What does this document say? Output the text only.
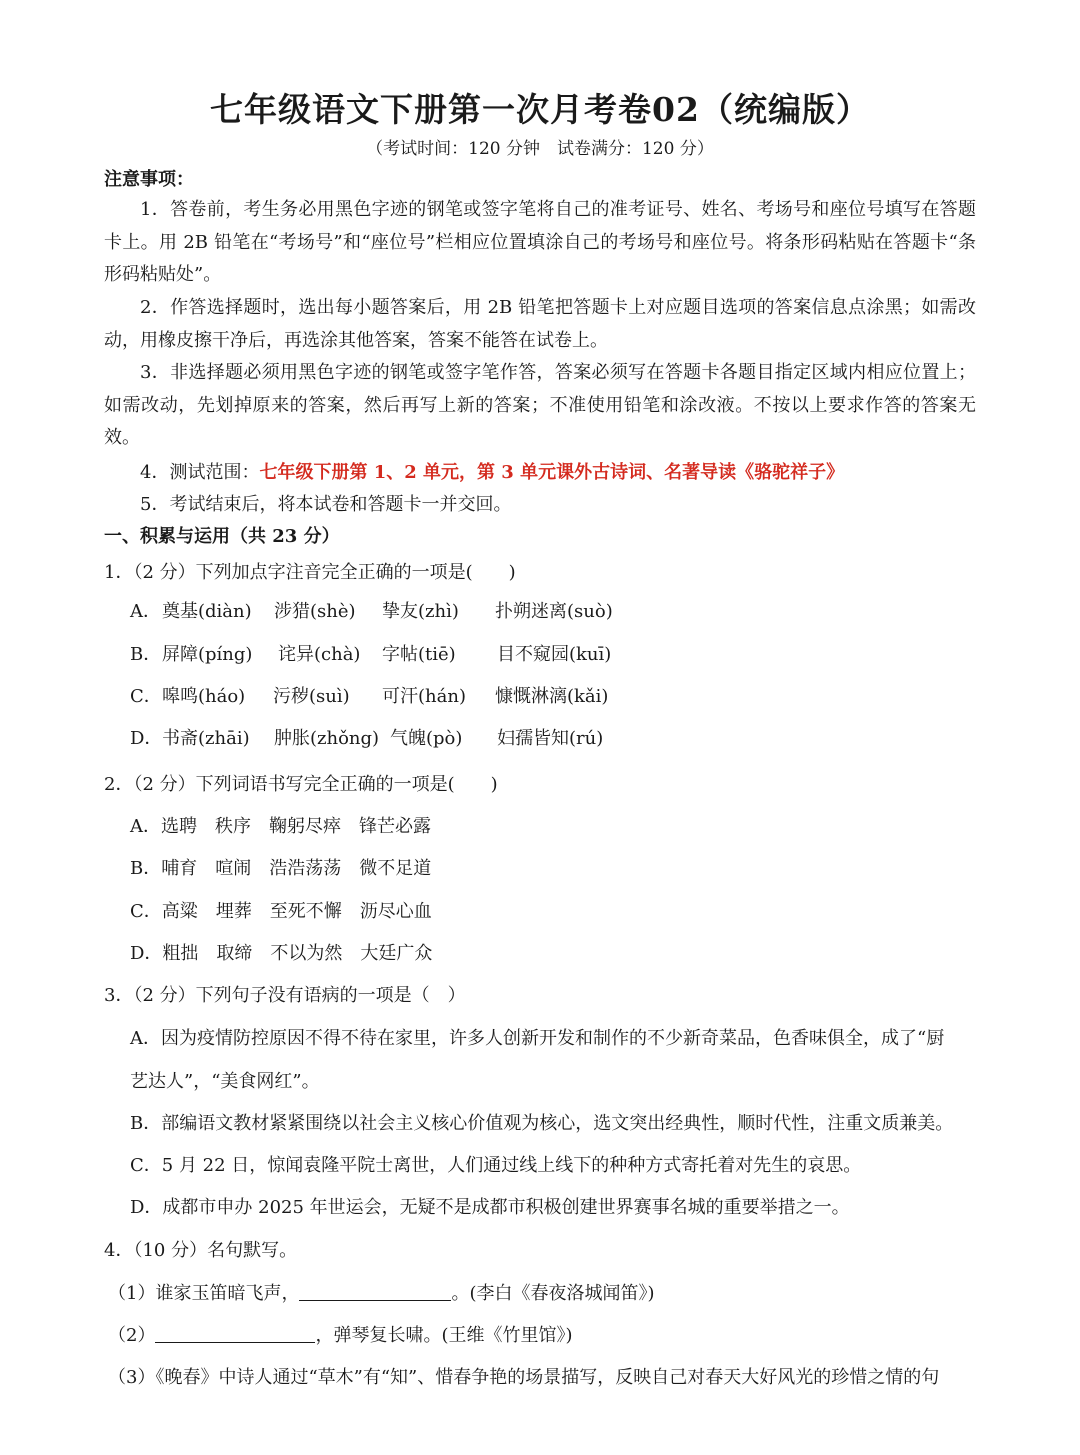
七年级语文下册第一次月考卷02（统编版）
（考试时间：120 分钟　试卷满分：120 分）
注意事项：
1．答卷前，考生务必用黑色字迹的钢笔或签字笔将自己的准考证号、姓名、考场号和座位号填写在答题卡上。用 2B 铅笔在“考场号”和“座位号”栏相应位置填涂自己的考场号和座位号。将条形码粘贴在答题卡“条形码粘贴处”。
2．作答选择题时，选出每小题答案后，用 2B 铅笔把答题卡上对应题目选项的答案信息点涂黑；如需改动，用橡皮擦干净后，再选涂其他答案，答案不能答在试卷上。
3．非选择题必须用黑色字迹的钢笔或签字笔作答，答案必须写在答题卡各题目指定区域内相应位置上；如需改动，先划掉原来的答案，然后再写上新的答案；不准使用铅笔和涂改液。不按以上要求作答的答案无效。
4．测试范围：七年级下册第 1、2 单元，第 3 单元课外古诗词、名著导读《骆驼祥子》
5．考试结束后，将本试卷和答题卡一并交回。
一、积累与运用（共 23 分）
1．（2 分）下列加点字注音完全正确的一项是(　　)
A． 奠基(diàn) 涉猎(shè) 挚友(zhì) 扑朔迷离(suò)
B． 屏障(píng) 诧异(chà) 字帖(tiē) 目不窥园(kuī)
C． 嗥鸣(háo) 污秽(suì) 可汗(hán) 慷慨淋漓(kǎi)
D． 书斋(zhāi) 肿胀(zhǒng) 气魄(pò) 妇孺皆知(rú)
2．（2 分）下列词语书写完全正确的一项是(　　)
A．选聘　秩序　鞠躬尽瘁　锋芒必露
B．哺育　喧闹　浩浩荡荡　微不足道
C．高粱　埋葬　至死不懈　沥尽心血
D．粗拙　取缔　不以为然　大廷广众
3．（2 分）下列句子没有语病的一项是（　）
A．因为疫情防控原因不得不待在家里，许多人创新开发和制作的不少新奇菜品，色香味俱全，成了“厨
艺达人”，“美食网红”。
B．部编语文教材紧紧围绕以社会主义核心价值观为核心，选文突出经典性，顺时代性，注重文质兼美。
C．5 月 22 日，惊闻袁隆平院士离世，人们通过线上线下的种种方式寄托着对先生的哀思。
D．成都市申办 2025 年世运会，无疑不是成都市积极创建世界赛事名城的重要举措之一。
4．（10 分）名句默写。
（1）谁家玉笛暗飞声，	。(李白《春夜洛城闻笛》)
（2）	，弹琴复长啸。(王维《竹里馆》)
（3）《晚春》中诗人通过“草木”有“知”、惜春争艳的场景描写，反映自己对春天大好风光的珍惜之情的句
